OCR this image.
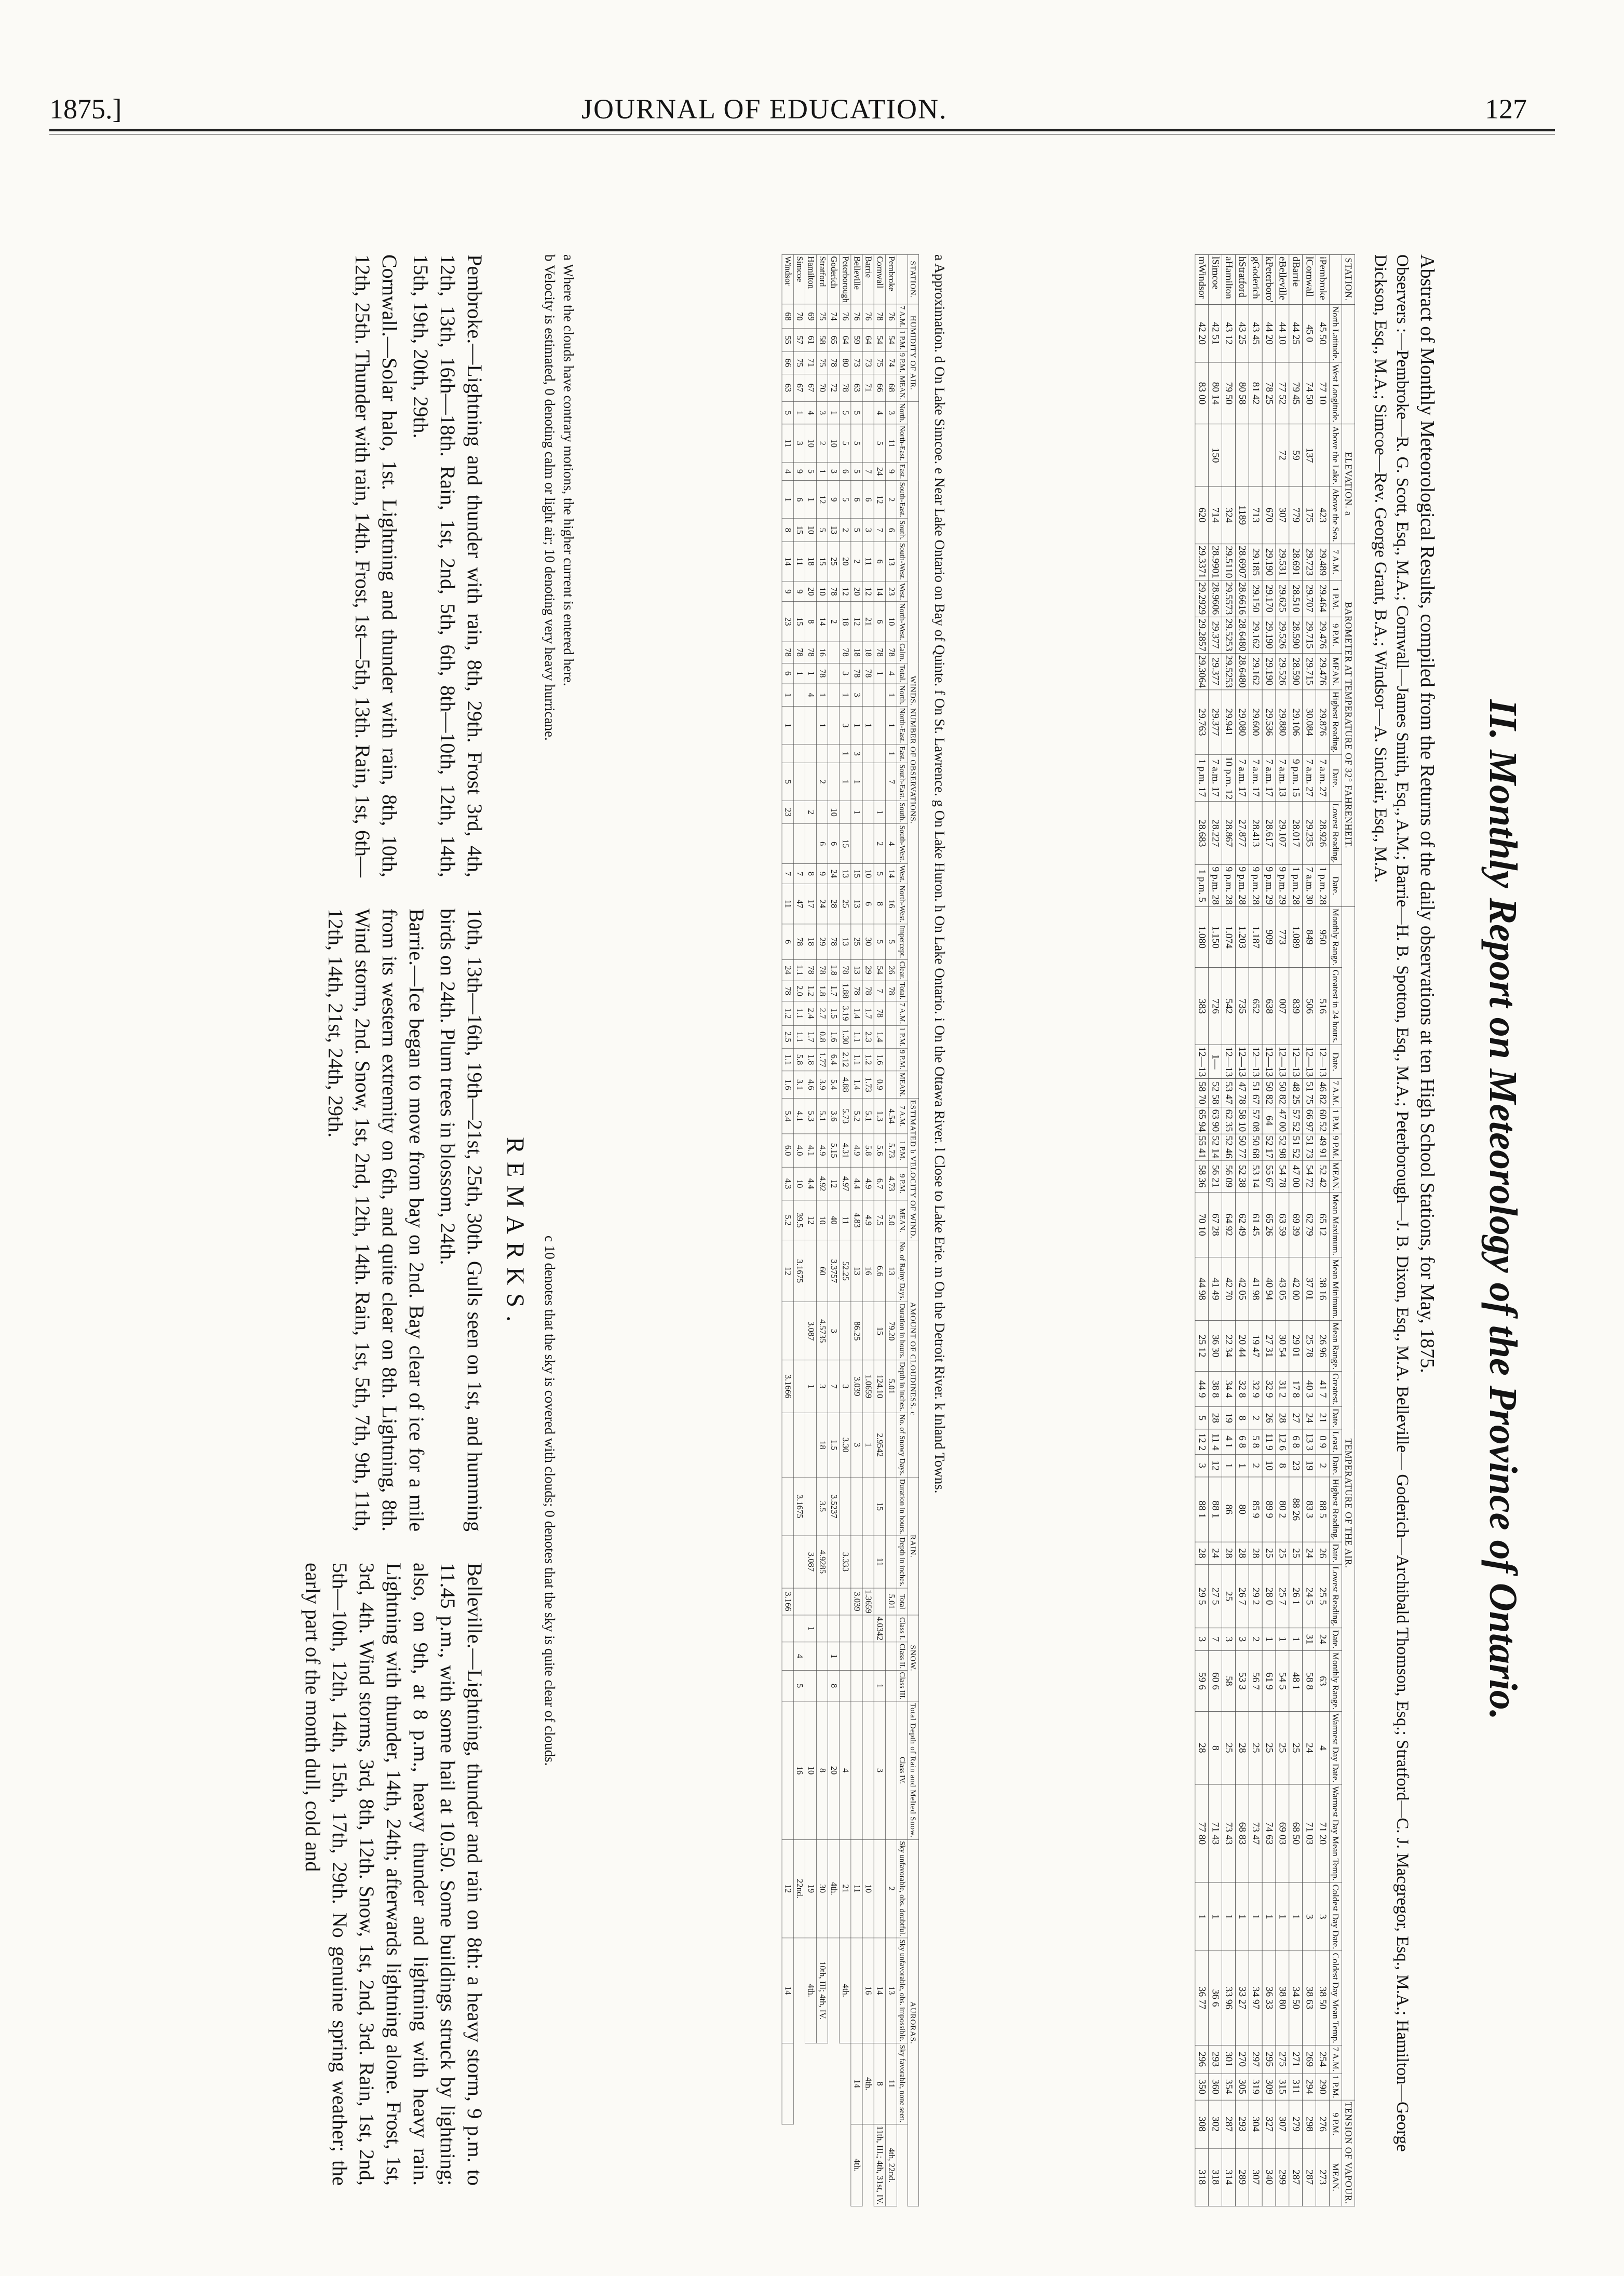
1875.]	JOURNAL OF EDUCATION.	127
II. Monthly Report on Meteorology of the Province of Ontario.
Abstract of Monthly Meteorological Results, compiled from the Returns of the daily observations at ten High School Stations, for May, 1875.
Observers :—Pembroke—R. G. Scott, Esq., M.A.; Cornwall—James Smith, Esq., A.M.; Barrie—H. B. Spotton, Esq., M.A.; Peterborough—J. B. Dixon, Esq., M.A. Belleville— Goderich—Archibald Thomson, Esq.; Stratford—C. J. Macgregor, Esq., M.A.; Hamilton—George Dickson, Esq., M.A.; Simcoe—Rev. George Grant, B.A.; Windsor—A. Sinclair, Esq., M.A.
STATION.			ELEVATION. a		BAROMETER AT TEMPERATURE OF 32° FAHRENHEIT.								TEMPERATURE OF THE AIR.																									TENSION OF VAPOUR.	
	North Latitude.	West Longitude.	Above the Lake.	Above the Sea.	7 A.M.	1 P.M.	9 P.M.	MEAN.	Highest Reading.	Date.	Lowest Reading.	Date.	Monthly Range.	Greatest in 24 hours.	Date.	7 A.M.	1 P.M.	9 P.M.	MEAN.	Mean Maximum.	Mean Minimum.	Mean Range.	Greatest.	Date.	Least.	Date.	Highest Reading.	Date.	Lowest Reading.	Date.	Monthly Range.	Warmest Day Date.	Warmest Day Mean Temp.	Coldest Day Date.	Coldest Day Mean Temp.	7 A.M.	1 P.M.	9 P.M.	MEAN.
iPembroke	45 50	77 10		423	29.489	29.464	29.476	29.476	29.876	7 a.m. 27	28.926	1 p.m. 28	950	516	12—13	46 82	60 52	49 91	52 42	65 12	38 16	26 96	41 7	21	0 9	2	88 5	26	25 5	24	63	4	71 20	3	38 50	254	290	276	273
lCornwall	45 0	74 50	137	175	29.723	29.707	29.715	29.715	30.084	7 a.m. 27	29.235	7 a.m. 30	849	506	12—13	51 75	66 97	51 73	54 72	62 79	37 01	25 78	40 3	24	13 3	19	83 3	24	24 5	31	58 8	24	71 03	3	38 63	269	294	298	287
dBarrie	44 25	79 45	59	779	28.691	28.510	28.590	28.590	29.106	9 p.m. 15	28.017	1 p.m. 28	1.089	839	12—13	48 25	57 52	51 52	47 00	69 39	42 00	29 01	17 8	27	6 8	23	88 26	25	26 1	1	48 1	25	68 50	1	34 50	271	311	279	287
eBelleville	44 10	77 52	72	307	29.531	29.625	29.526	29.526	29.880	7 a.m. 13	29.107	9 p.m. 29	773	007	12—13	50 82	47 00	52 98	54 78	63 59	43 05	30 54	31 2	28	12 6	8	80 2	25	25 7	1	54 5	25	69 03	1	38 80	275	315	307	299
kPeterboro'	44 20	78 25		670	29.190	29.170	29.190	29.190	29.536	7 a.m. 17	28.617	9 p.m. 29	909	638	12—13	50 82	64	52 17	55 67	65 26	40 94	27 31	32 9	26	11 9	10	89 9	25	28 0	1	61 9	25	74 63	1	36 33	295	309	327	340
gGoderich	43 45	81 42		713	29.185	29.150	29.162	29.162	29.600	7 a.m. 17	28.413	9 p.m. 28	1.187	652	12—13	51 67	57 08	50 68	53 14	61 45	41 98	19 47	32 9	2	5 8	2	85 9	28	29 2	2	56 7	25	73 47	1	34 97	297	319	304	307
hStratford	43 25	80 58		1189	28.6907	28.6616	28.6480	28.6480	29.080	7 a.m. 17	27.877	9 p.m. 28	1.203	735	12—13	47 78	58 10	50 77	52 38	62 49	42 05	20 44	32 8	8	6 8	1	80	28	26 7	3	53 3	28	68 83	1	33 27	270	305	293	289
aHamilton	43 12	79 50		324	29.5110	29.5573	29.5253	29.5253	29.941	10 p.m. 12	28.867	9 p.m. 28	1.074	542	12—13	53 47	62 35	52 46	56 09	64 92	42 70	22 34	34 4	19	4 1	1	86	28	25	3	58	25	73 43	1	33 96	301	354	287	314
lSimcoe	42 51	80 14	150	714	28.9901	28.9606	29.377	29.377	29.377	7 a.m. 17	28.227	9 p.m. 28	1.150	726	1—	52 58	63 90	52 14	56 21	67 28	41 49	36 30	38 8	28	11 4	12	88 1	24	27 5	7	60 6	8	71 43	1	36 6	293	360	302	318
mWindsor	42 20	83 00		620	29.3371	29.2929	29.2857	29.3064	29.763	1 p.m. 17	28.683	1 p.m. 5	1.080	383	12—13	58 70	65 94	55 41	58 36	70 10	44 98	25 12	44 9	5	12 2	3	88 1	28	29 5	3	59 6	28	77 80	1	36 77	296	350	308	318
a Approximation. d On Lake Simcoe. e Near Lake Ontario on Bay of Quinte. f On St. Lawrence. g On Lake Huron. h On Lake Ontario. i On the Ottawa River. l Close to Lake Erie. m On the Detroit River. k Inland Towns.
STATION.	HUMIDITY OF AIR.				WINDS. NUMBER OF OBSERVATIONS.																									ESTIMATED b VELOCITY OF WIND.				AMOUNT OF CLOUDINESS. c				RAIN.			SNOW.			Total Depth of Rain and Melted Snow.	AURORAS.			
	7 A.M.	1 P.M.	9 P.M.	MEAN.	North.	North-East.	East.	South-East.	South.	South-West.	West.	North-West.	Calm.	Total.	North.	North-East.	East.	South-East.	South.	South-West.	West.	North-West.	Impercept.	Clear.	Total.	7 A.M.	1 P.M.	9 P.M.	MEAN.	7 A.M.	1 P.M.	9 P.M.	MEAN.	No. of Rainy Days.	Duration in hours.	Depth in inches.	No. of Snowy Days.	Duration in hours.	Depth in inches.	Total	Class I.	Class II.	Class III.	Class IV.	Sky unfavorable, obs. doubtful.	Sky unfavorable, obs. impossible.	Sky favorable, none seen.	
Pembroke	76	54	74	68	3	11	9	2	6	13	23	10	78	4	1	1	1	7		4	14	16	5	26	78					4.54	5.73	4.73	5.0	13	79.20	5.01				5.01					2	13	11	4th, 22nd.
Cornwall	78	54	75	66	4	5	24	12	7	6	14	6	78	1					1	2	5	8	5	54	7	78	1.4	1.6	0.9	1.3	5.6	6.7	7.5	6.6	15	124.10	2.9542	15	11		4.0342		1	3		14	8	11th, III.; 4th, 31st, IV.
Barrie	76	64	73	71			7	6	3	11	12	21	18	78		1					10	6	30	29	78	1.7	2.3	1.2	1.73	5.1	5.8	4.9	4.9	16		1.0659	1			1.3659					10	16	4th.	
Belleville	76	59	73	63	5	5	5	6	5	2	20	12	18	78	3	1	3	1	1		15	13	25	13	78	1.4	1.1	1.1	1.4	5.2	4.9	4.4	4.83	13	86.25	3.039	3			3.039					11		14	4th.
Peterborough	76	64	80	78	5	5	6	5	2	20	12	18	78	3	1	3	1	1		15	13	25	13	78	1.88	3.19	1.30	2.12	4.88	5.73	4.31	4.97	11	52.25		3	3.30		3.333					4	21	4th.		
Goderich	74	65	78	72	1	10	3	9	13	25	78	2							10	6	24	28	78	1.8	1.7	1.5	1.6	6.4	5.4	3.6	5.15	12	40	3.3757	3	7	1.5	3.5237				1	8	20	4th.			
Stratford	75	58	75	70	3	2	1	12	5	15	10	14	16	78	1	1		2		6	9	24	29	78	1.8	2.7	0.8	1.77	3.9	5.1	4.9	4.92	10	60	4.5735	3	18	3.5	4.9285					8	30	10th, III; 4th, IV.		
Hamilton	69	61	71	67	4	10	5	1	10	18	20	8	78	1	4				2		8	17	18	78	1.2	2.4	1.7	1.8	4.6	5.3	4.1	4.4	12		3.087	1			3.087		1			10	19	4th.		
Simcoe	70	57	75	67	1	3	9	6	15	11	9	15	78	1							7	47	78	1.1	2.0	1.1	1.1	5.8	3.1	4.1	4.0	10	39.5	3.1675				3.1675				4	5	16	22nd.			
Windsor	68	55	66	63	5	11	4	1	8	14	9	23	78	6	1	1		5	23		7	11	6	24	78	1.2	2.5	1.1	1.6	5.4	6.0	4.3	5.2	12		3.1666				3.166					12	14		
a Where the clouds have contrary motions, the higher current is entered here.
b Velocity is estimated, 0 denoting calm or light air; 10 denoting very heavy hurricane.
c 10 denotes that the sky is covered with clouds; 0 denotes that the sky is quite clear of clouds.
REMARKS.

Pembroke.—Lightning and thunder with rain, 8th, 29th. Frost 3rd, 4th, 12th, 13th, 16th—18th. Rain, 1st, 2nd, 5th, 6th, 8th—10th, 12th, 14th, 15th, 19th, 20th, 29th.

Cornwall.—Solar halo, 1st. Lightning and thunder with rain, 8th, 10th, 12th, 25th. Thunder with rain, 14th. Frost, 1st—5th, 13th. Rain, 1st, 6th—10th, 13th—16th, 19th—21st, 25th, 30th. Gulls seen on 1st, and humming birds on 24th. Plum trees in blossom, 24th.

Barrie.—Ice began to move from bay on 2nd. Bay clear of ice for a mile from its western extremity on 6th, and quite clear on 8th. Lightning, 8th. Wind storm, 2nd. Snow, 1st, 2nd, 12th, 14th. Rain, 1st, 5th, 7th, 9th, 11th, 12th, 14th, 21st, 24th, 29th.

Belleville.—Lightning, thunder and rain on 8th: a heavy storm, 9 p.m. to 11.45 p.m., with some hail at 10.50. Some buildings struck by lightning; also, on 9th, at 8 p.m., heavy thunder and lightning with heavy rain. Lightning with thunder, 14th, 24th; afterwards lightning alone. Frost, 1st, 3rd, 4th. Wind storms, 3rd, 8th, 12th. Snow, 1st, 2nd, 3rd. Rain, 1st, 2nd, 5th—10th, 12th, 14th, 15th, 17th, 29th. No genuine spring weather; the early part of the month dull, cold and
